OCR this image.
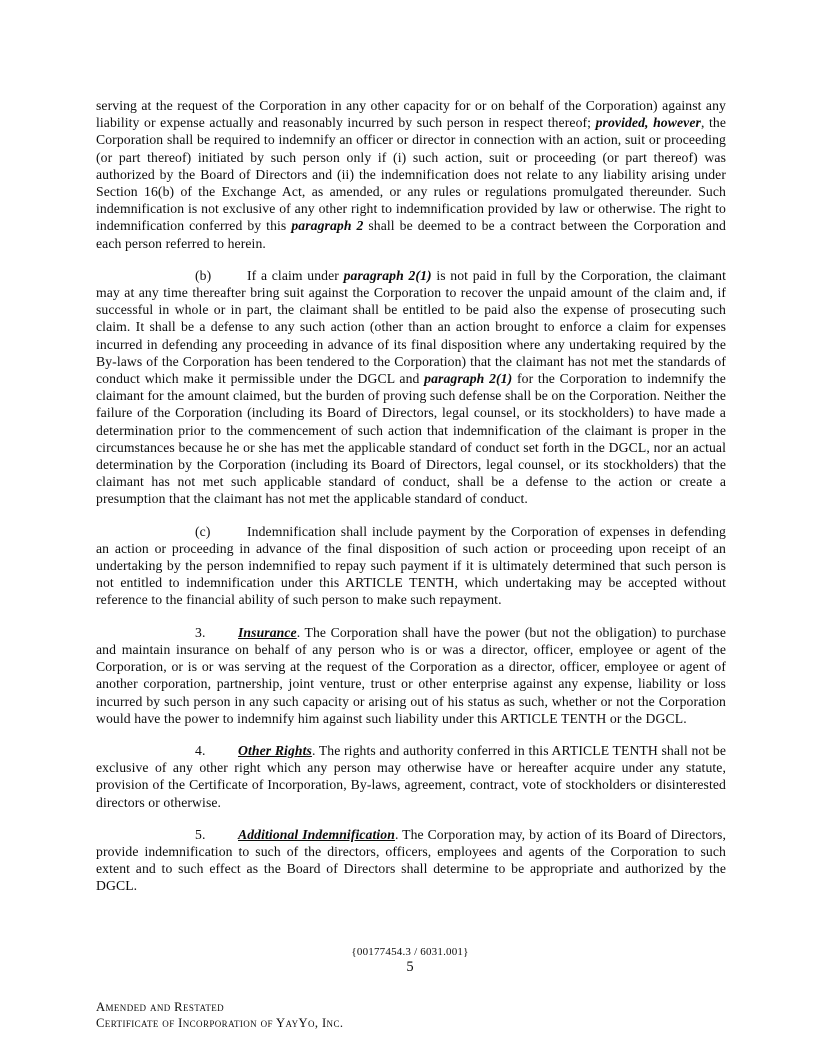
serving at the request of the Corporation in any other capacity for or on behalf of the Corporation) against any liability or expense actually and reasonably incurred by such person in respect thereof; provided, however, the Corporation shall be required to indemnify an officer or director in connection with an action, suit or proceeding (or part thereof) initiated by such person only if (i) such action, suit or proceeding (or part thereof) was authorized by the Board of Directors and (ii) the indemnification does not relate to any liability arising under Section 16(b) of the Exchange Act, as amended, or any rules or regulations promulgated thereunder. Such indemnification is not exclusive of any other right to indemnification provided by law or otherwise. The right to indemnification conferred by this paragraph 2 shall be deemed to be a contract between the Corporation and each person referred to herein.

(b)	If a claim under paragraph 2(1) is not paid in full by the Corporation, the claimant may at any time thereafter bring suit against the Corporation to recover the unpaid amount of the claim and, if successful in whole or in part, the claimant shall be entitled to be paid also the expense of prosecuting such claim. It shall be a defense to any such action (other than an action brought to enforce a claim for expenses incurred in defending any proceeding in advance of its final disposition where any undertaking required by the By-laws of the Corporation has been tendered to the Corporation) that the claimant has not met the standards of conduct which make it permissible under the DGCL and paragraph 2(1) for the Corporation to indemnify the claimant for the amount claimed, but the burden of proving such defense shall be on the Corporation. Neither the failure of the Corporation (including its Board of Directors, legal counsel, or its stockholders) to have made a determination prior to the commencement of such action that indemnification of the claimant is proper in the circumstances because he or she has met the applicable standard of conduct set forth in the DGCL, nor an actual determination by the Corporation (including its Board of Directors, legal counsel, or its stockholders) that the claimant has not met such applicable standard of conduct, shall be a defense to the action or create a presumption that the claimant has not met the applicable standard of conduct.

(c)	Indemnification shall include payment by the Corporation of expenses in defending an action or proceeding in advance of the final disposition of such action or proceeding upon receipt of an undertaking by the person indemnified to repay such payment if it is ultimately determined that such person is not entitled to indemnification under this ARTICLE TENTH, which undertaking may be accepted without reference to the financial ability of such person to make such repayment.

3. Insurance. The Corporation shall have the power (but not the obligation) to purchase and maintain insurance on behalf of any person who is or was a director, officer, employee or agent of the Corporation, or is or was serving at the request of the Corporation as a director, officer, employee or agent of another corporation, partnership, joint venture, trust or other enterprise against any expense, liability or loss incurred by such person in any such capacity or arising out of his status as such, whether or not the Corporation would have the power to indemnify him against such liability under this ARTICLE TENTH or the DGCL.

4. Other Rights. The rights and authority conferred in this ARTICLE TENTH shall not be exclusive of any other right which any person may otherwise have or hereafter acquire under any statute, provision of the Certificate of Incorporation, By-laws, agreement, contract, vote of stockholders or disinterested directors or otherwise.

5. Additional Indemnification. The Corporation may, by action of its Board of Directors, provide indemnification to such of the directors, officers, employees and agents of the Corporation to such extent and to such effect as the Board of Directors shall determine to be appropriate and authorized by the DGCL.

{00177454.3 / 6031.001}
5
Amended and Restated
Certificate of Incorporation of YayYo, Inc.
